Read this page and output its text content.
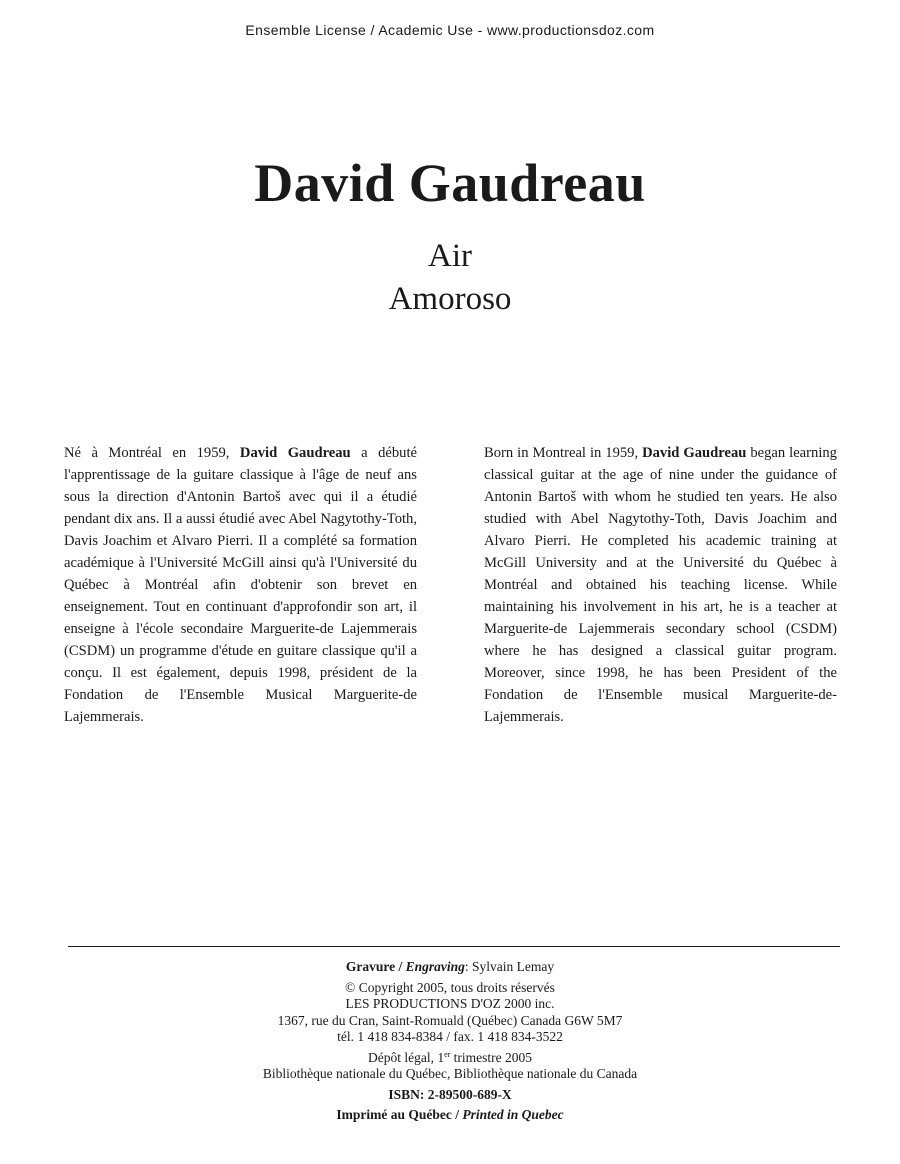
Ensemble License / Academic Use - www.productionsdoz.com
David Gaudreau
Air
Amoroso

Né à Montréal en 1959, David Gaudreau a débuté l'apprentissage de la guitare classique à l'âge de neuf ans sous la direction d'Antonin Bartoš avec qui il a étudié pendant dix ans. Il a aussi étudié avec Abel Nagytothy-Toth, Davis Joachim et Alvaro Pierri. Il a complété sa formation académique à l'Université McGill ainsi qu'à l'Université du Québec à Montréal afin d'obtenir son brevet en enseignement. Tout en continuant d'approfondir son art, il enseigne à l'école secondaire Marguerite-de Lajemmerais (CSDM) un programme d'étude en guitare classique qu'il a conçu. Il est également, depuis 1998, président de la Fondation de l'Ensemble Musical Marguerite-de Lajemmerais.

Born in Montreal in 1959, David Gaudreau began learning classical guitar at the age of nine under the guidance of Antonin Bartoš with whom he studied ten years. He also studied with Abel Nagytothy-Toth, Davis Joachim and Alvaro Pierri. He completed his academic training at McGill University and at the Université du Québec à Montréal and obtained his teaching license. While maintaining his involvement in his art, he is a teacher at Marguerite-de Lajemmerais secondary school (CSDM) where he has designed a classical guitar program. Moreover, since 1998, he has been President of the Fondation de l'Ensemble musical Marguerite-de-Lajemmerais.

Gravure / Engraving: Sylvain Lemay
© Copyright 2005, tous droits réservés
LES PRODUCTIONS D'OZ 2000 inc.
1367, rue du Cran, Saint-Romuald (Québec) Canada G6W 5M7
tél. 1 418 834-8384 / fax. 1 418 834-3522
Dépôt légal, 1er trimestre 2005
Bibliothèque nationale du Québec, Bibliothèque nationale du Canada
ISBN: 2-89500-689-X
Imprimé au Québec / Printed in Quebec
